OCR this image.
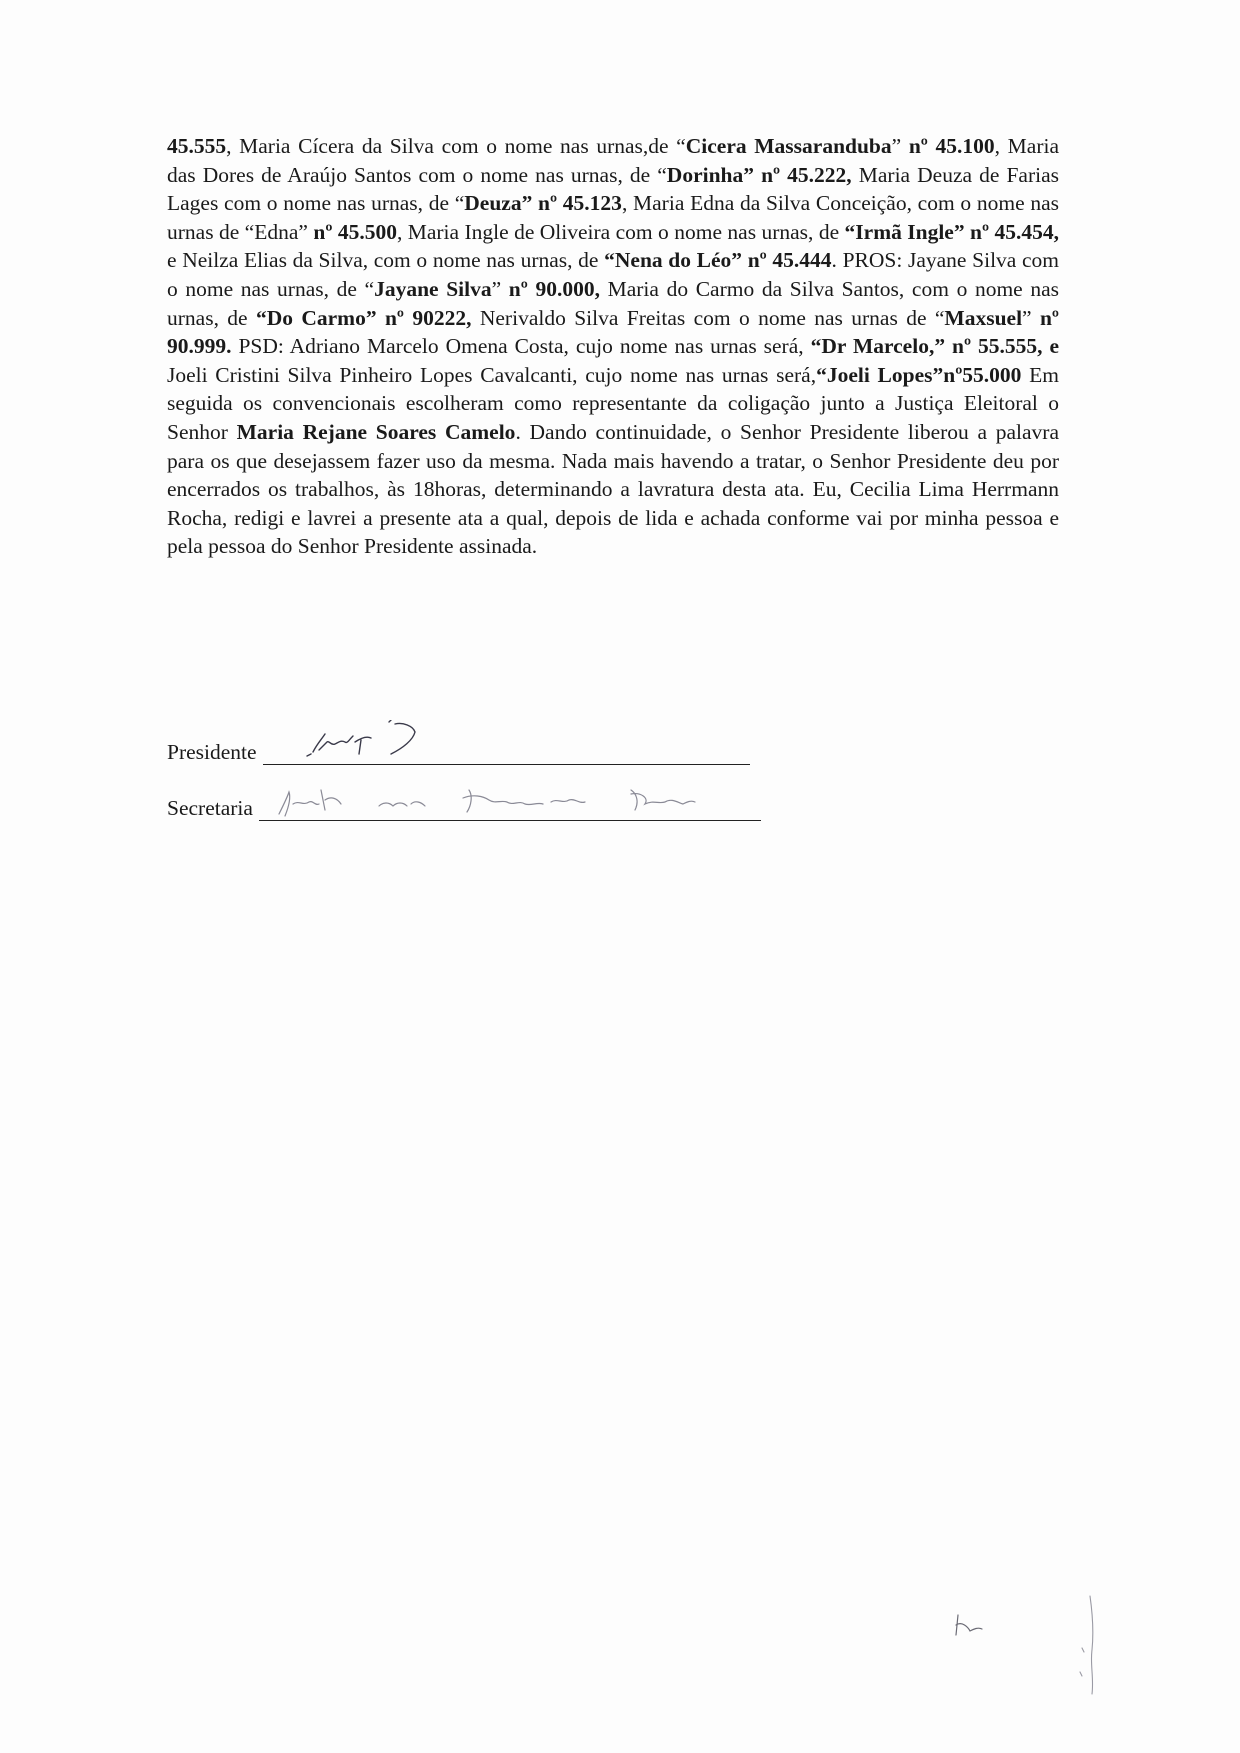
45.555, Maria Cícera da Silva com o nome nas urnas,de “Cicera Massaranduba” nº 45.100, Maria das Dores de Araújo Santos com o nome nas urnas, de “Dorinha” nº 45.222, Maria Deuza de Farias Lages com o nome nas urnas, de “Deuza” nº 45.123, Maria Edna da Silva Conceição, com o nome nas urnas de “Edna” nº 45.500, Maria Ingle de Oliveira com o nome nas urnas, de “Irmã Ingle” nº 45.454, e Neilza Elias da Silva, com o nome nas urnas, de “Nena do Léo” nº 45.444. PROS: Jayane Silva com o nome nas urnas, de “Jayane Silva” nº 90.000, Maria do Carmo da Silva Santos, com o nome nas urnas, de “Do Carmo” nº 90222, Nerivaldo Silva Freitas com o nome nas urnas de “Maxsuel” nº 90.999. PSD: Adriano Marcelo Omena Costa, cujo nome nas urnas será, “Dr Marcelo,” nº 55.555, e Joeli Cristini Silva Pinheiro Lopes Cavalcanti, cujo nome nas urnas será,“Joeli Lopes”nº55.000 Em seguida os convencionais escolheram como representante da coligação junto a Justiça Eleitoral o Senhor Maria Rejane Soares Camelo. Dando continuidade, o Senhor Presidente liberou a palavra para os que desejassem fazer uso da mesma. Nada mais havendo a tratar, o Senhor Presidente deu por encerrados os trabalhos, às 18horas, determinando a lavratura desta ata. Eu, Cecilia Lima Herrmann Rocha, redigi e lavrei a presente ata a qual, depois de lida e achada conforme vai por minha pessoa e pela pessoa do Senhor Presidente assinada.

Presidente
Secretaria
